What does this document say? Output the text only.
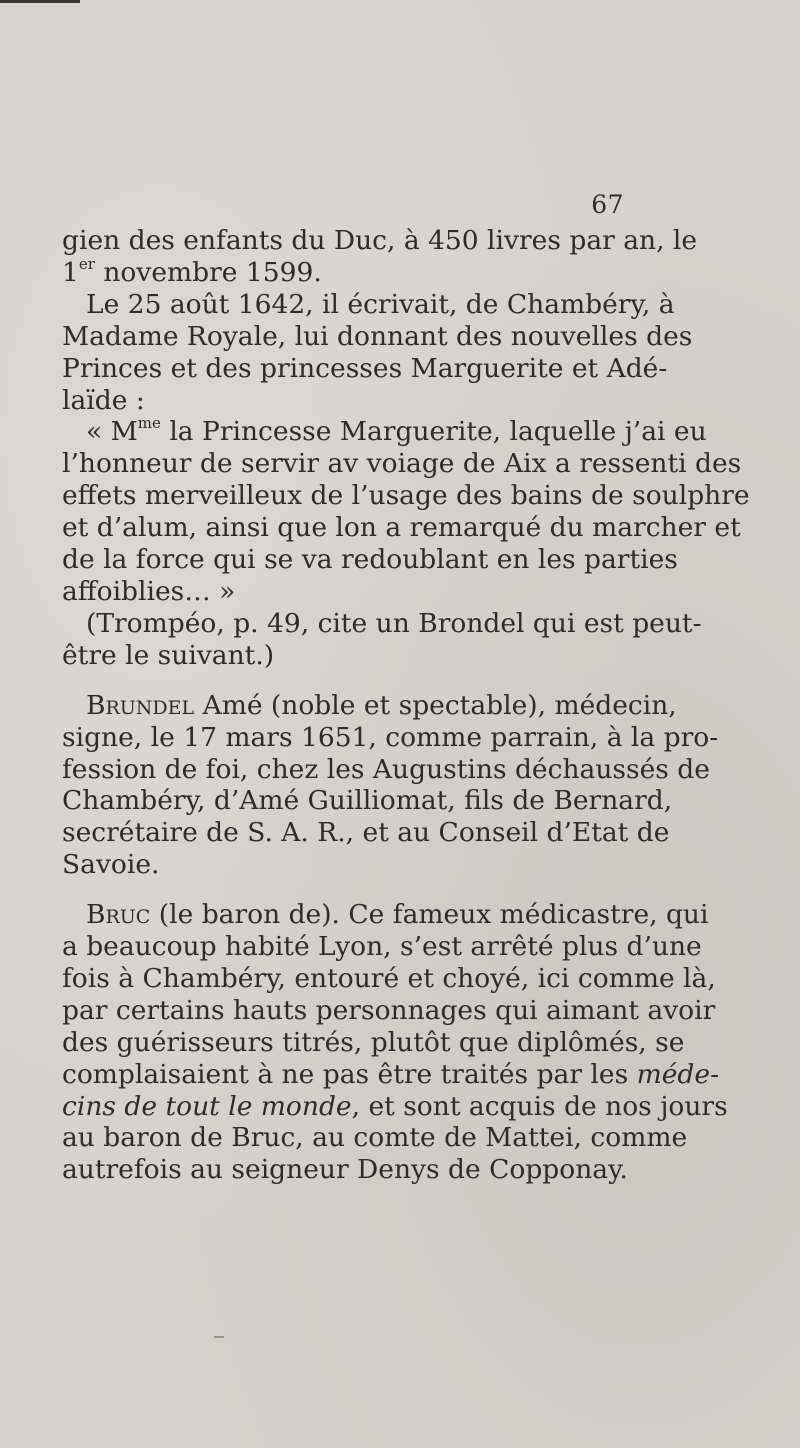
67

gien des enfants du Duc, à 450 livres par an, le
1er novembre 1599.

Le 25 août 1642, il écrivait, de Chambéry, à
Madame Royale, lui donnant des nouvelles des
Princes et des princesses Marguerite et Adé-
laïde :

« $M^{me}$ la Princesse Marguerite, laquelle j’ai eu
l’honneur de servir av voiage de Aix a ressenti des
effets merveilleux de l’usage des bains de soulphre
et d’alum, ainsi que lon a remarqué du marcher et
de la force qui se va redoublant en les parties
affoiblies… »

(Trompéo, p. 49, cite un Brondel qui est peut-
être le suivant.)

Brundel Amé (noble et spectable), médecin,
signe, le 17 mars 1651, comme parrain, à la pro-
fession de foi, chez les Augustins déchaussés de
Chambéry, d’Amé Guilliomat, fils de Bernard,
secrétaire de S. A. R., et au Conseil d’Etat de
Savoie.

Bruc (le baron de). Ce fameux médicastre, qui
a beaucoup habité Lyon, s’est arrêté plus d’une
fois à Chambéry, entouré et choyé, ici comme là,
par certains hauts personnages qui aimant avoir
des guérisseurs titrés, plutôt que diplômés, se
complaisaient à ne pas être traités par les méde-
cins de tout le monde, et sont acquis de nos jours
au baron de Bruc, au comte de Mattei, comme
autrefois au seigneur Denys de Copponay.
